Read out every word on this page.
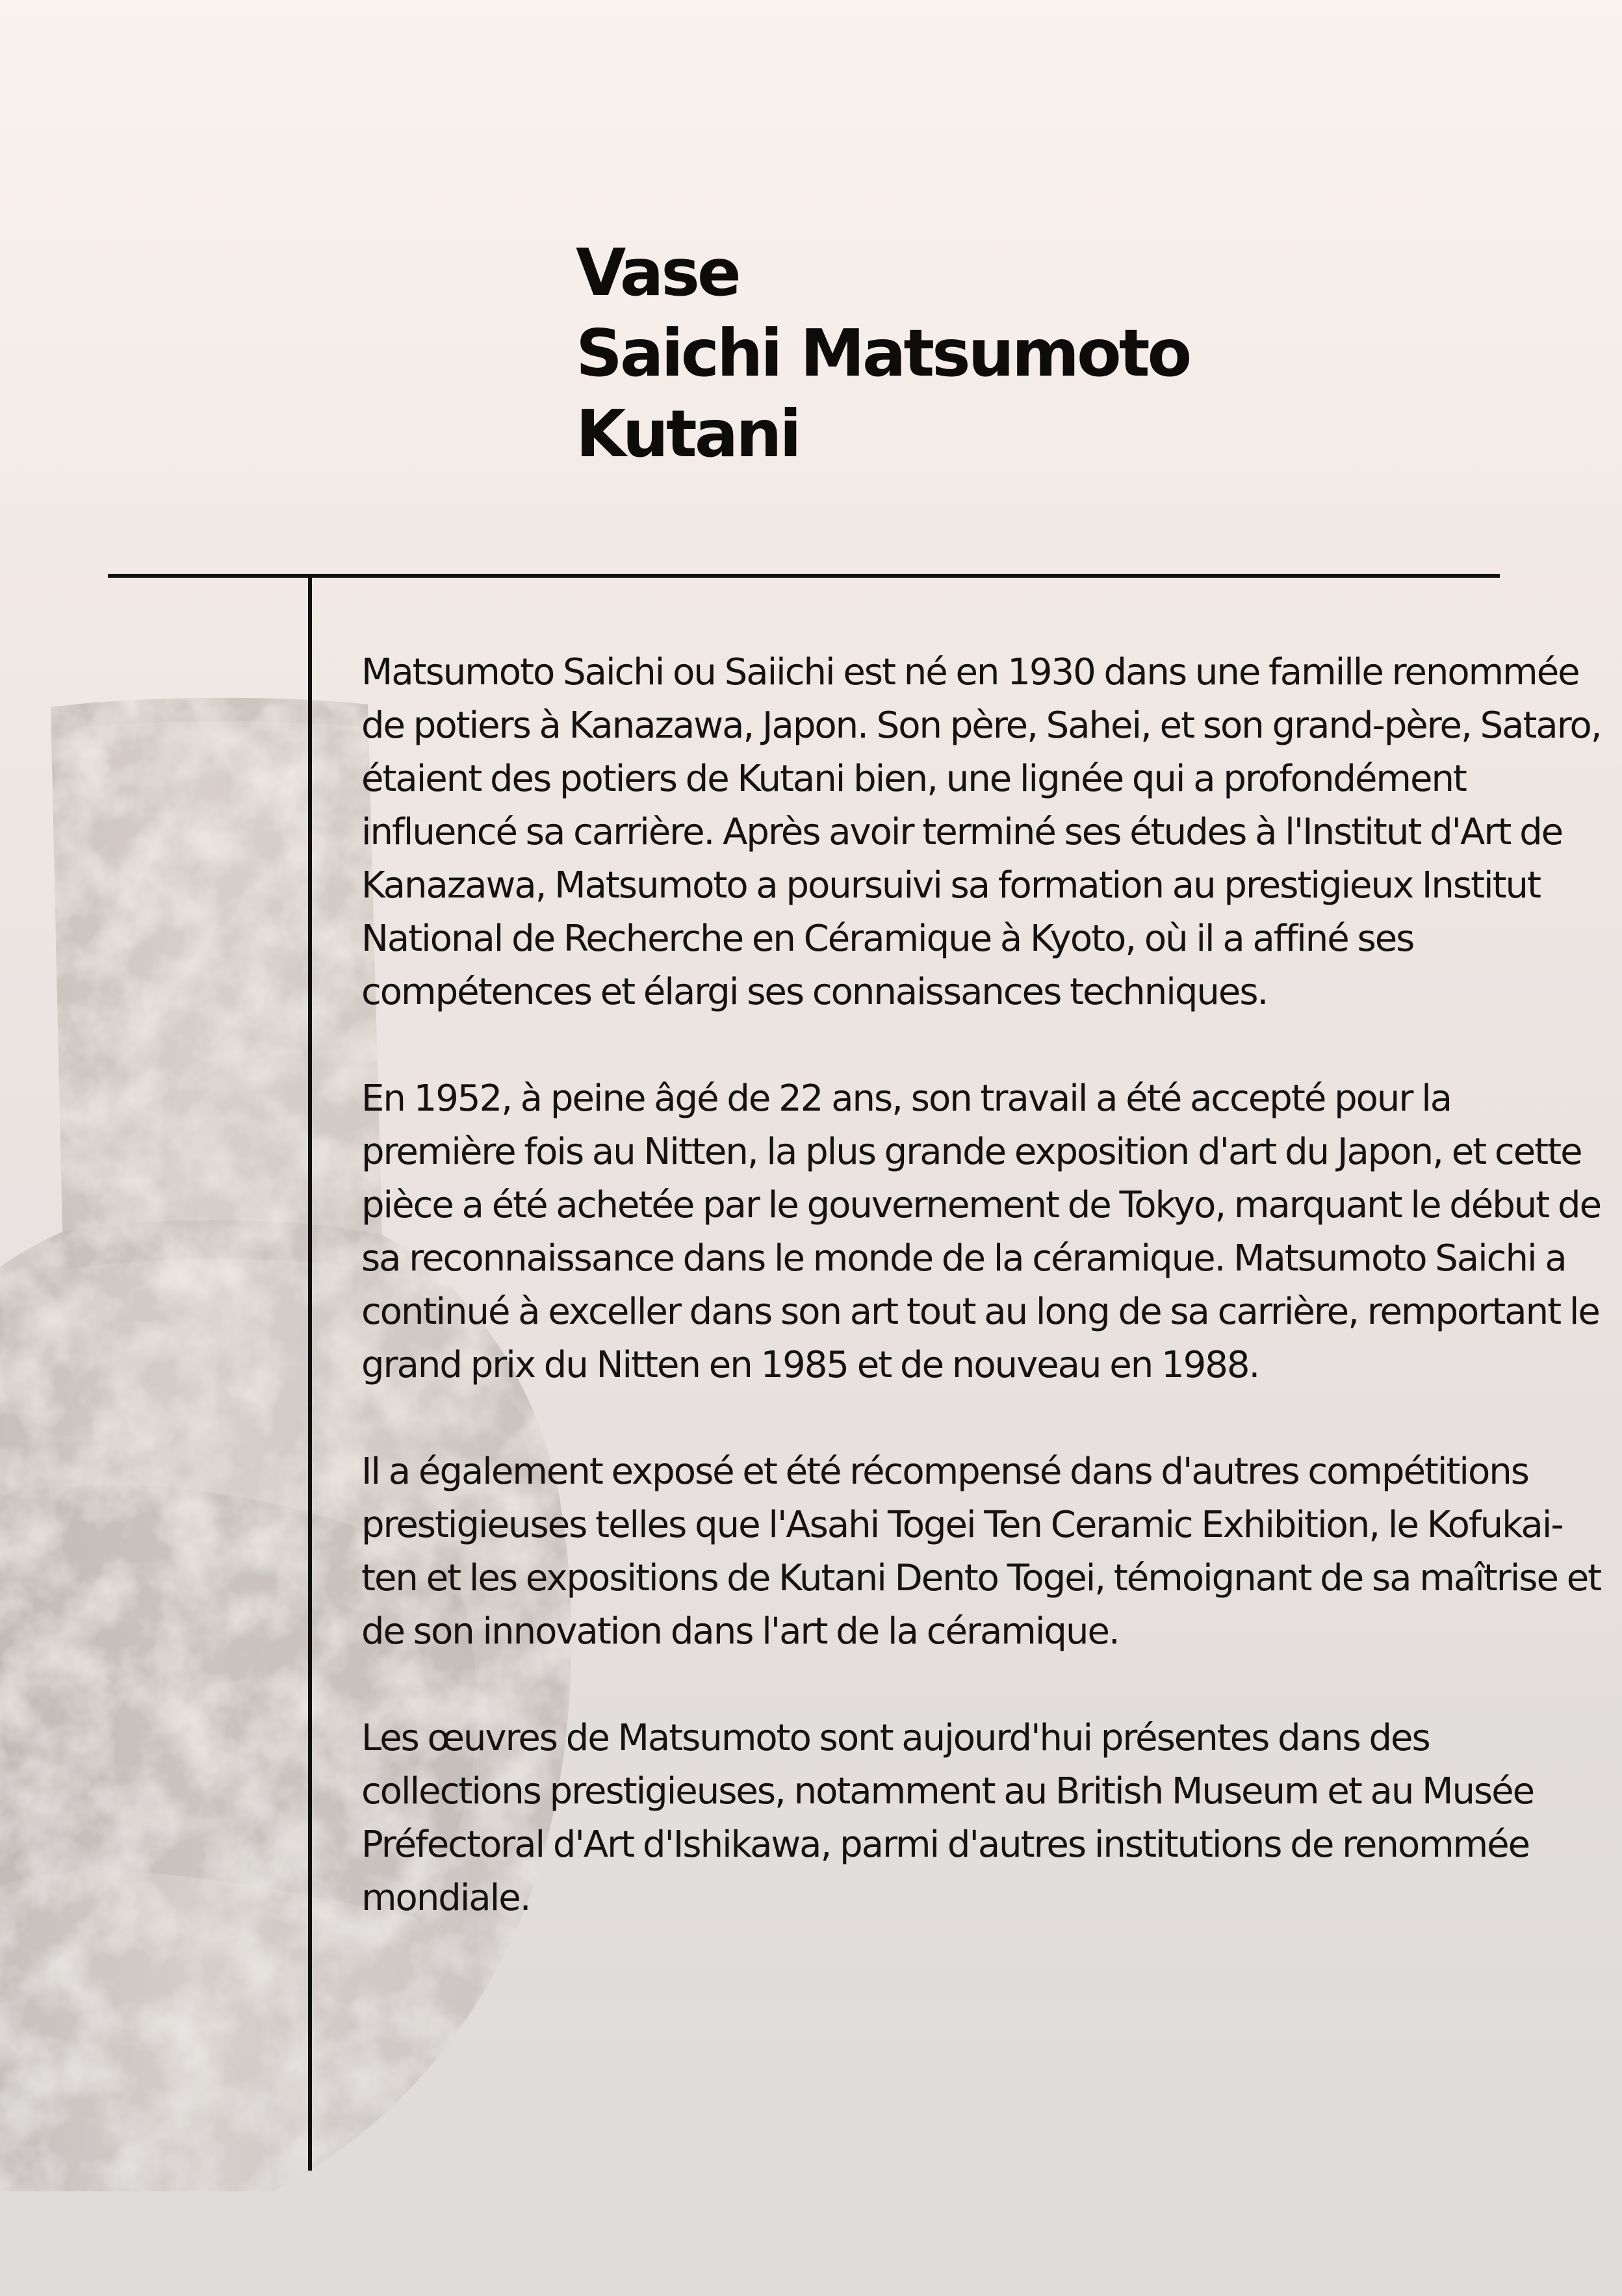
Vase
Saichi Matsumoto
Kutani

Matsumoto Saichi ou Saiichi est né en 1930 dans une famille renommée de potiers à Kanazawa, Japon. Son père, Sahei, et son grand-père, Sataro, étaient des potiers de Kutani bien, une lignée qui a profondément influencé sa carrière. Après avoir terminé ses études à l'Institut d'Art de Kanazawa, Matsumoto a poursuivi sa formation au prestigieux Institut National de Recherche en Céramique à Kyoto, où il a affiné ses compétences et élargi ses connaissances techniques.

En 1952, à peine âgé de 22 ans, son travail a été accepté pour la première fois au Nitten, la plus grande exposition d'art du Japon, et cette pièce a été achetée par le gouvernement de Tokyo, marquant le début de sa reconnaissance dans le monde de la céramique. Matsumoto Saichi a continué à exceller dans son art tout au long de sa carrière, remportant le grand prix du Nitten en 1985 et de nouveau en 1988.

Il a également exposé et été récompensé dans d'autres compétitions prestigieuses telles que l'Asahi Togei Ten Ceramic Exhibition, le Kofukai-ten et les expositions de Kutani Dento Togei, témoignant de sa maîtrise et de son innovation dans l'art de la céramique.

Les œuvres de Matsumoto sont aujourd'hui présentes dans des collections prestigieuses, notamment au British Museum et au Musée Préfectoral d'Art d'Ishikawa, parmi d'autres institutions de renommée mondiale.
